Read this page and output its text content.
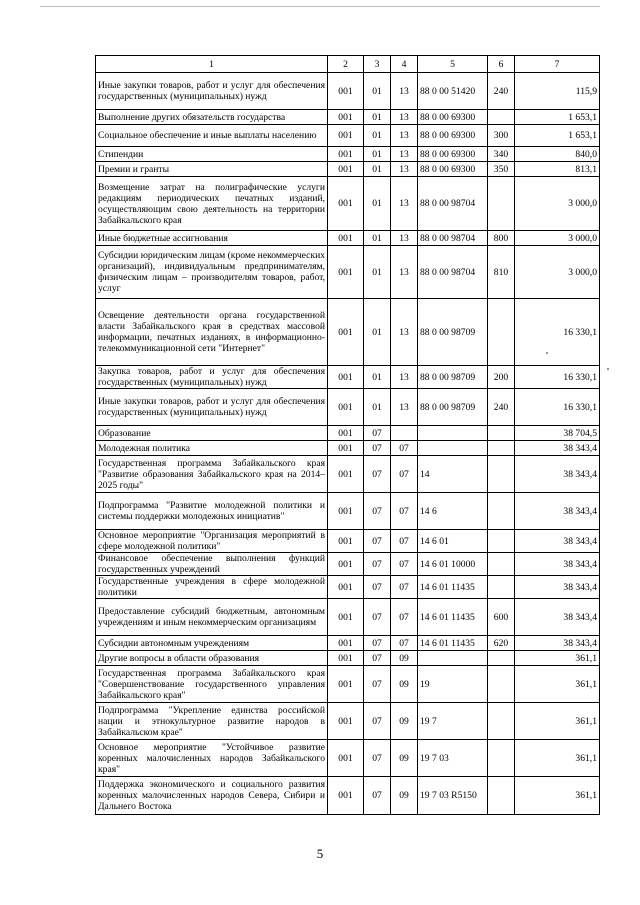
1	2	3	4	5	6	7
Иные закупки товаров, работ и услуг для обеспечения государственных (муниципальных) нужд	001	01	13	88 0 00 51420	240	115,9
Выполнение других обязательств государства	001	01	13	88 0 00 69300		1 653,1
Социальное обеспечение и иные выплаты населению	001	01	13	88 0 00 69300	300	1 653,1
Стипендии	001	01	13	88 0 00 69300	340	840,0
Премии и гранты	001	01	13	88 0 00 69300	350	813,1
Возмещение затрат на полиграфические услуги редакциям периодических печатных изданий, осуществляющим свою деятельность на территории Забайкальского края	001	01	13	88 0 00 98704		3 000,0
Иные бюджетные ассигнования	001	01	13	88 0 00 98704	800	3 000,0
Субсидии юридическим лицам (кроме некоммерческих организаций), индивидуальным предпринимателям, физическим лицам – производителям товаров, работ, услуг	001	01	13	88 0 00 98704	810	3 000,0
Освещение деятельности органа государственной власти Забайкальского края в средствах массовой информации, печатных изданиях, в информационно-телекоммуникационной сети "Интернет"	001	01	13	88 0 00 98709		16 330,1
Закупка товаров, работ и услуг для обеспечения государственных (муниципальных) нужд	001	01	13	88 0 00 98709	200	16 330,1
Иные закупки товаров, работ и услуг для обеспечения государственных (муниципальных) нужд	001	01	13	88 0 00 98709	240	16 330,1
Образование	001	07				38 704,5
Молодежная политика	001	07	07			38 343,4
Государственная программа Забайкальского края "Развитие образования Забайкальского края на 2014–2025 годы"	001	07	07	14		38 343,4
Подпрограмма "Развитие молодежной политики и системы поддержки молодежных инициатив"	001	07	07	14 6		38 343,4
Основное мероприятие "Организация мероприятий в сфере молодежной политики"	001	07	07	14 6 01		38 343,4
Финансовое обеспечение выполнения функций государственных учреждений	001	07	07	14 6 01 10000		38 343,4
Государственные учреждения в сфере молодежной политики	001	07	07	14 6 01 11435		38 343,4
Предоставление субсидий бюджетным, автономным учреждениям и иным некоммерческим организациям	001	07	07	14 6 01 11435	600	38 343,4
Субсидии автономным учреждениям	001	07	07	14 6 01 11435	620	38 343,4
Другие вопросы в области образования	001	07	09			361,1
Государственная программа Забайкальского края "Совершенствование государственного управления Забайкальского края"	001	07	09	19		361,1
Подпрограмма "Укрепление единства российской нации и этнокультурное развитие народов в Забайкальском крае"	001	07	09	19 7		361,1
Основное мероприятие "Устойчивое развитие коренных малочисленных народов Забайкальского края"	001	07	09	19 7 03		361,1
Поддержка экономического и социального развития коренных малочисленных народов Севера, Сибири и Дальнего Востока	001	07	09	19 7 03 R5150		361,1
5
